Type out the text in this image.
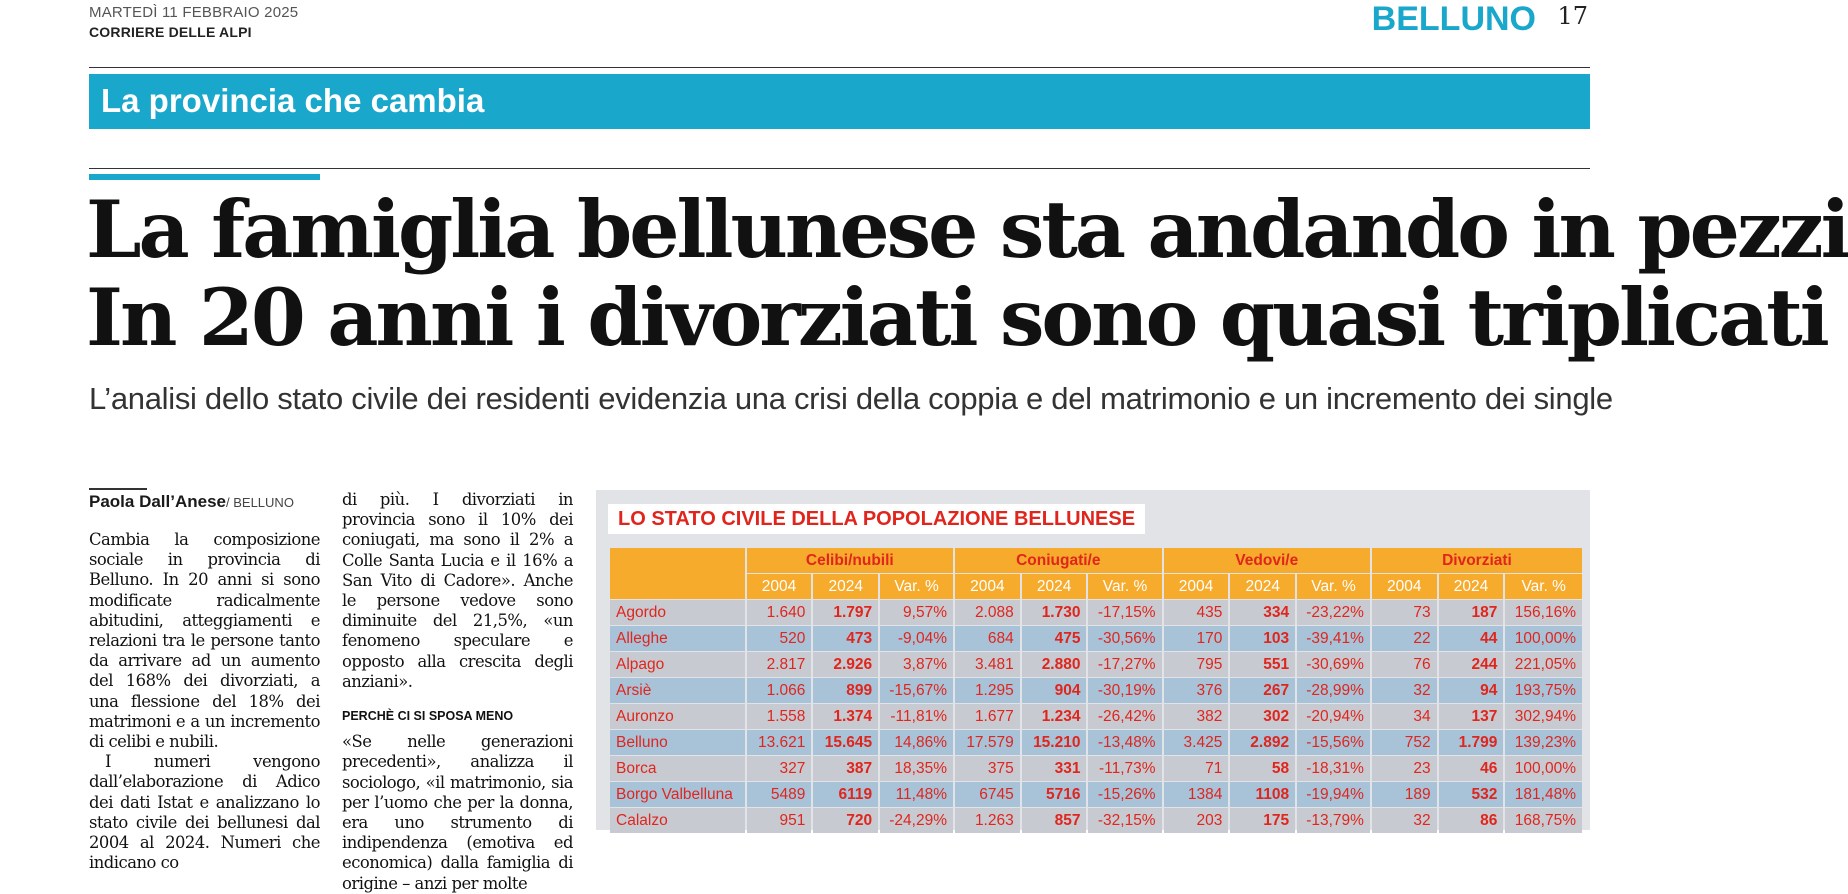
MARTEDÌ 11 FEBBRAIO 2025
CORRIERE DELLE ALPI	BELLUNO 17
La provincia che cambia
La famiglia bellunese sta andando in pezzi
In 20 anni i divorziati sono quasi triplicati
L’analisi dello stato civile dei residenti evidenzia una crisi della coppia e del matrimonio e un incremento dei single
Paola Dall’Anese/ BELLUNO

Cambia la composizione sociale in provincia di Belluno. In 20 anni si sono modificate radicalmente abitudini, atteggiamenti e relazioni tra le persone tanto da arrivare ad un aumento del 168% dei divorziati, a una flessione del 18% dei matrimoni e a un incremento di celibi e nubili.

I numeri vengono dall’elaborazione di Adico dei dati Istat e analizzano lo stato civile dei bellunesi dal 2004 al 2024. Numeri che indicano co

di più. I divorziati in provincia sono il 10% dei coniugati, ma sono il 2% a Colle Santa Lucia e il 16% a San Vito di Cadore». Anche le persone vedove sono diminuite del 21,5%, «un fenomeno speculare e opposto alla crescita degli anziani».

PERCHÈ CI SI SPOSA MENO

«Se nelle generazioni precedenti», analizza il sociologo, «il matrimonio, sia per l’uomo che per la donna, era uno strumento di indipendenza (emotiva ed economica) dalla famiglia di origine – anzi per molte

LO STATO CIVILE DELLA POPOLAZIONE BELLUNESE
	Celibi/nubili			Coniugati/e			Vedovi/e			Divorziati		
	2004	2024	Var. %	2004	2024	Var. %	2004	2024	Var. %	2004	2024	Var. %
Agordo	1.640	1.797	9,57%	2.088	1.730	-17,15%	435	334	-23,22%	73	187	156,16%
Alleghe	520	473	-9,04%	684	475	-30,56%	170	103	-39,41%	22	44	100,00%
Alpago	2.817	2.926	3,87%	3.481	2.880	-17,27%	795	551	-30,69%	76	244	221,05%
Arsiè	1.066	899	-15,67%	1.295	904	-30,19%	376	267	-28,99%	32	94	193,75%
Auronzo	1.558	1.374	-11,81%	1.677	1.234	-26,42%	382	302	-20,94%	34	137	302,94%
Belluno	13.621	15.645	14,86%	17.579	15.210	-13,48%	3.425	2.892	-15,56%	752	1.799	139,23%
Borca	327	387	18,35%	375	331	-11,73%	71	58	-18,31%	23	46	100,00%
Borgo Valbelluna	5489	6119	11,48%	6745	5716	-15,26%	1384	1108	-19,94%	189	532	181,48%
Calalzo	951	720	-24,29%	1.263	857	-32,15%	203	175	-13,79%	32	86	168,75%
